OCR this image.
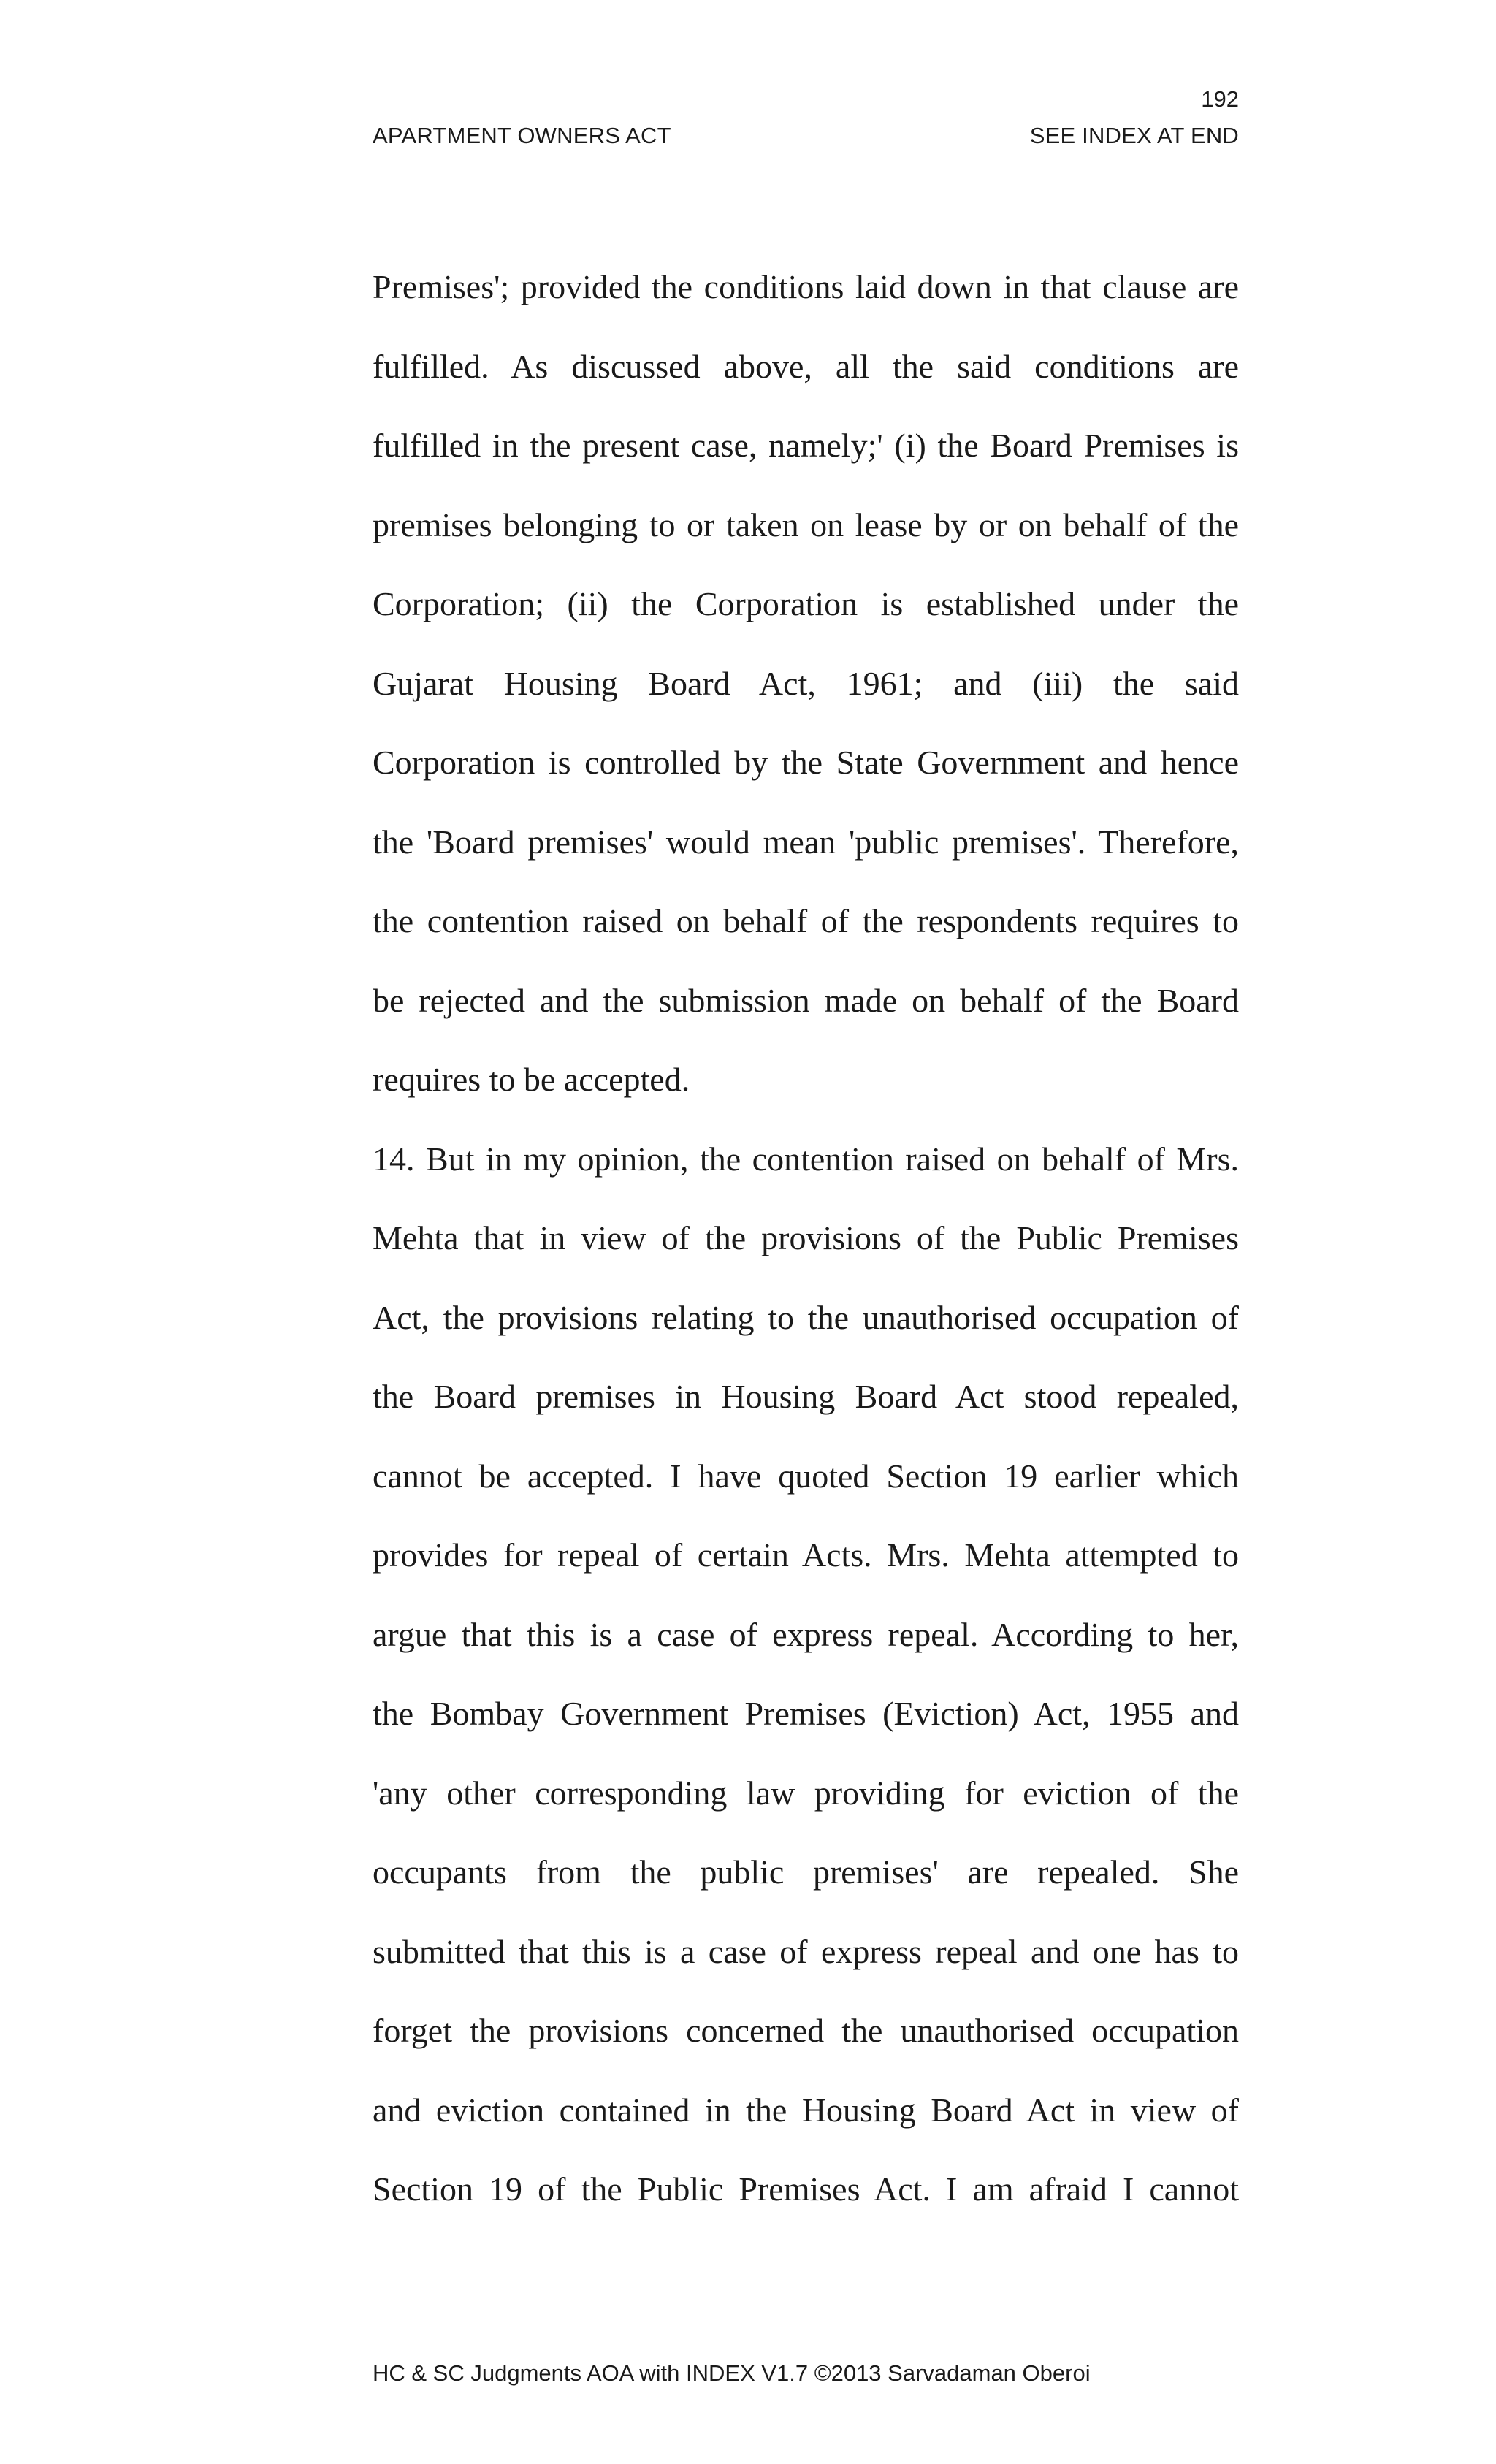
192
APARTMENT OWNERS ACT	SEE INDEX AT END
Premises'; provided the conditions laid down in that clause are
fulfilled. As discussed above, all the said conditions are
fulfilled in the present case, namely;' (i) the Board Premises is
premises belonging to or taken on lease by or on behalf of the
Corporation; (ii) the Corporation is established under the
Gujarat Housing Board Act, 1961; and (iii) the said
Corporation is controlled by the State Government and hence
the 'Board premises' would mean 'public premises'. Therefore,
the contention raised on behalf of the respondents requires to
be rejected and the submission made on behalf of the Board
requires to be accepted.
14. But in my opinion, the contention raised on behalf of Mrs.
Mehta that in view of the provisions of the Public Premises
Act, the provisions relating to the unauthorised occupation of
the Board premises in Housing Board Act stood repealed,
cannot be accepted. I have quoted Section 19 earlier which
provides for repeal of certain Acts. Mrs. Mehta attempted to
argue that this is a case of express repeal. According to her,
the Bombay Government Premises (Eviction) Act, 1955 and
'any other corresponding law providing for eviction of the
occupants from the public premises' are repealed. She
submitted that this is a case of express repeal and one has to
forget the provisions concerned the unauthorised occupation
and eviction contained in the Housing Board Act in view of
Section 19 of the Public Premises Act. I am afraid I cannot
HC & SC Judgments AOA with INDEX V1.7 ©2013 Sarvadaman Oberoi
